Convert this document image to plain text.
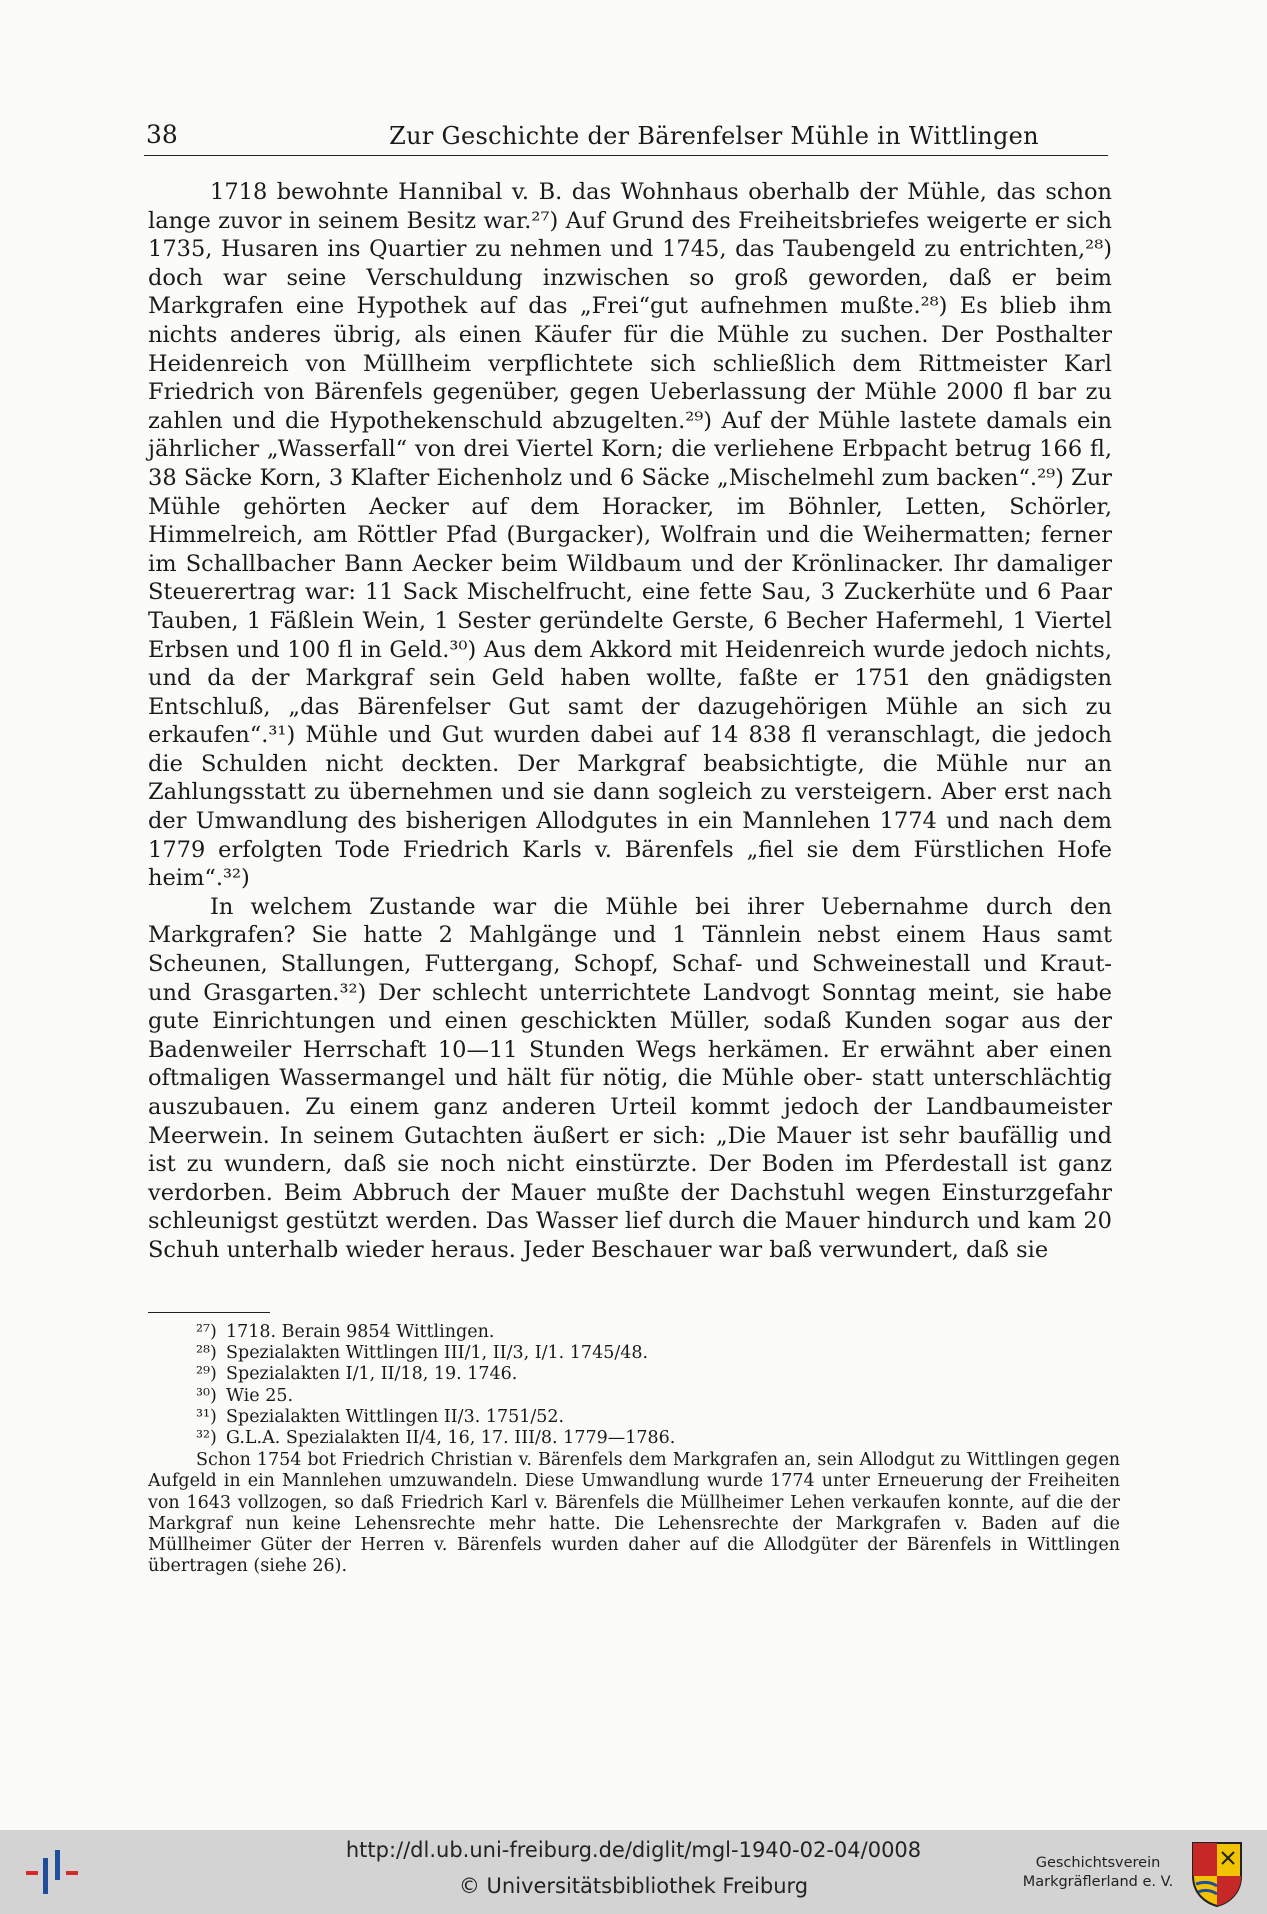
38	Zur Geschichte der Bärenfelser Mühle in Wittlingen

1718 bewohnte Hannibal v. B. das Wohnhaus oberhalb der Mühle, das schon lange zuvor in seinem Besitz war.²⁷) Auf Grund des Freiheitsbriefes weigerte er sich 1735, Husaren ins Quartier zu nehmen und 1745, das Taubengeld zu entrichten,²⁸) doch war seine Verschuldung inzwischen so groß geworden, daß er beim Markgrafen eine Hypothek auf das „Frei“gut aufnehmen mußte.²⁸) Es blieb ihm nichts anderes übrig, als einen Käufer für die Mühle zu suchen. Der Posthalter Heidenreich von Müllheim verpflichtete sich schließlich dem Rittmeister Karl Friedrich von Bärenfels gegenüber, gegen Ueberlassung der Mühle 2000 fl bar zu zahlen und die Hypothekenschuld abzugelten.²⁹) Auf der Mühle lastete damals ein jährlicher „Wasserfall“ von drei Viertel Korn; die verliehene Erbpacht betrug 166 fl, 38 Säcke Korn, 3 Klafter Eichenholz und 6 Säcke „Mischelmehl zum backen“.²⁹) Zur Mühle gehörten Aecker auf dem Horacker, im Böhnler, Letten, Schörler, Himmelreich, am Röttler Pfad (Burgacker), Wolfrain und die Weihermatten; ferner im Schallbacher Bann Aecker beim Wildbaum und der Krönlinacker. Ihr damaliger Steuerertrag war: 11 Sack Mischelfrucht, eine fette Sau, 3 Zuckerhüte und 6 Paar Tauben, 1 Fäßlein Wein, 1 Sester geründelte Gerste, 6 Becher Hafermehl, 1 Viertel Erbsen und 100 fl in Geld.³⁰) Aus dem Akkord mit Heidenreich wurde jedoch nichts, und da der Markgraf sein Geld haben wollte, faßte er 1751 den gnädigsten Entschluß, „das Bärenfelser Gut samt der dazugehörigen Mühle an sich zu erkaufen“.³¹) Mühle und Gut wurden dabei auf 14 838 fl veranschlagt, die jedoch die Schulden nicht deckten. Der Markgraf beabsichtigte, die Mühle nur an Zahlungsstatt zu übernehmen und sie dann sogleich zu versteigern. Aber erst nach der Umwandlung des bisherigen Allodgutes in ein Mannlehen 1774 und nach dem 1779 erfolgten Tode Friedrich Karls v. Bärenfels „fiel sie dem Fürstlichen Hofe heim“.³²)

In welchem Zustande war die Mühle bei ihrer Uebernahme durch den Markgrafen? Sie hatte 2 Mahlgänge und 1 Tännlein nebst einem Haus samt Scheunen, Stallungen, Futtergang, Schopf, Schaf- und Schweinestall und Kraut- und Grasgarten.³²) Der schlecht unterrichtete Landvogt Sonntag meint, sie habe gute Einrichtungen und einen geschickten Müller, sodaß Kunden sogar aus der Badenweiler Herrschaft 10—11 Stunden Wegs herkämen. Er erwähnt aber einen oftmaligen Wassermangel und hält für nötig, die Mühle ober- statt unterschlächtig auszubauen. Zu einem ganz anderen Urteil kommt jedoch der Landbaumeister Meerwein. In seinem Gutachten äußert er sich: „Die Mauer ist sehr baufällig und ist zu wundern, daß sie noch nicht einstürzte. Der Boden im Pferdestall ist ganz verdorben. Beim Abbruch der Mauer mußte der Dachstuhl wegen Einsturzgefahr schleunigst gestützt werden. Das Wasser lief durch die Mauer hindurch und kam 20 Schuh unterhalb wieder heraus. Jeder Beschauer war baß verwundert, daß sie

²⁷) 1718. Berain 9854 Wittlingen.
²⁸) Spezialakten Wittlingen III/1, II/3, I/1. 1745/48.
²⁹) Spezialakten I/1, II/18, 19. 1746.
³⁰) Wie 25.
³¹) Spezialakten Wittlingen II/3. 1751/52.
³²) G.L.A. Spezialakten II/4, 16, 17. III/8. 1779—1786.
Schon 1754 bot Friedrich Christian v. Bärenfels dem Markgrafen an, sein Allodgut zu Wittlingen gegen Aufgeld in ein Mannlehen umzuwandeln. Diese Umwandlung wurde 1774 unter Erneuerung der Freiheiten von 1643 vollzogen, so daß Friedrich Karl v. Bärenfels die Müllheimer Lehen verkaufen konnte, auf die der Markgraf nun keine Lehensrechte mehr hatte. Die Lehensrechte der Markgrafen v. Baden auf die Müllheimer Güter der Herren v. Bärenfels wurden daher auf die Allodgüter der Bärenfels in Wittlingen übertragen (siehe 26).
http://dl.ub.uni-freiburg.de/diglit/mgl-1940-02-04/0008
© Universitätsbibliothek Freiburg
Geschichtsverein
Markgräflerland e. V.
